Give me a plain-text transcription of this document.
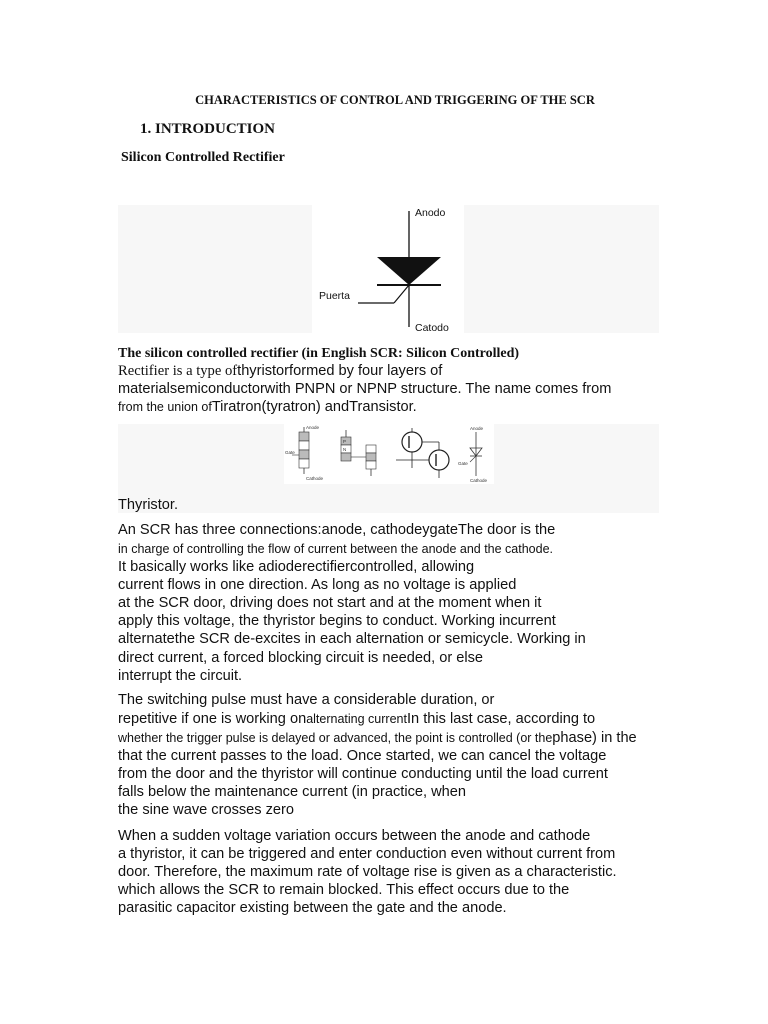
CHARACTERISTICS OF CONTROL AND TRIGGERING OF THE SCR
1. INTRODUCTION
Silicon Controlled Rectifier
Anodo
Puerta
Catodo
The silicon controlled rectifier (in English SCR: Silicon Controlled)
Rectifier is a type ofthyristorformed by four layers of
materialsemiconductorwith PNPN or NPNP structure. The name comes from
from the union ofTiratron(tyratron) andTransistor.
Anode
Gate
Cathode
P
N
Anode
Gate
Cathode
Thyristor.
An SCR has three connections:anode, cathodeygateThe door is the
in charge of controlling the flow of current between the anode and the cathode.
It basically works like adioderectifiercontrolled, allowing
current flows in one direction. As long as no voltage is applied
at the SCR door, driving does not start and at the moment when it
apply this voltage, the thyristor begins to conduct. Working incurrent
alternatethe SCR de-excites in each alternation or semicycle. Working in
direct current, a forced blocking circuit is needed, or else
interrupt the circuit.
The switching pulse must have a considerable duration, or
repetitive if one is working onalternating currentIn this last case, according to
whether the trigger pulse is delayed or advanced, the point is controlled (or thephase) in the
that the current passes to the load. Once started, we can cancel the voltage
from the door and the thyristor will continue conducting until the load current
falls below the maintenance current (in practice, when
the sine wave crosses zero
When a sudden voltage variation occurs between the anode and cathode
a thyristor, it can be triggered and enter conduction even without current from
door. Therefore, the maximum rate of voltage rise is given as a characteristic.
which allows the SCR to remain blocked. This effect occurs due to the
parasitic capacitor existing between the gate and the anode.
